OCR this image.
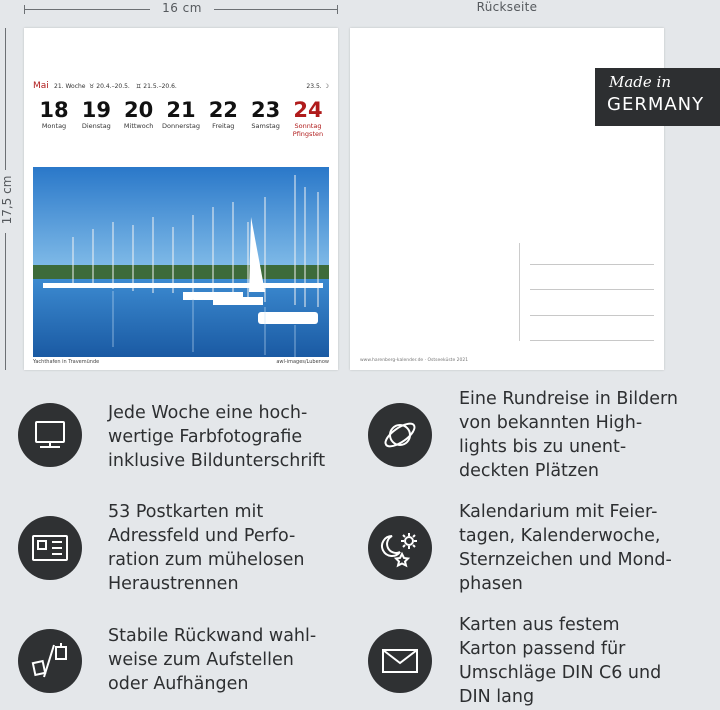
16 cm
17,5 cm
Rückseite
Mai 21. Woche ♉ 20.4.–20.5. ♊ 21.5.–20.6.	23.5. ☽
18
Montag
19
Dienstag
20
Mittwoch
21
Donnerstag
22
Freitag
23
Samstag
24
Sonntag
Pfingsten
Yachthafen in Travemünde	awl-images/Lubenow	www.harenberg-kalender.de · Ostseeküste 2021
Made in
GERMANY
Jede Woche eine hoch-
wertige Farbfotografie
inklusive Bildunterschrift
Eine Rundreise in Bildern
von bekannten High-
lights bis zu unent-
deckten Plätzen
53 Postkarten mit
Adressfeld und Perfo-
ration zum mühelosen
Heraustrennen
Kalendarium mit Feier-
tagen, Kalenderwoche,
Sternzeichen und Mond-
phasen
Stabile Rückwand wahl-
weise zum Aufstellen
oder Aufhängen
Karten aus festem
Karton passend für
Umschläge DIN C6 und
DIN lang
